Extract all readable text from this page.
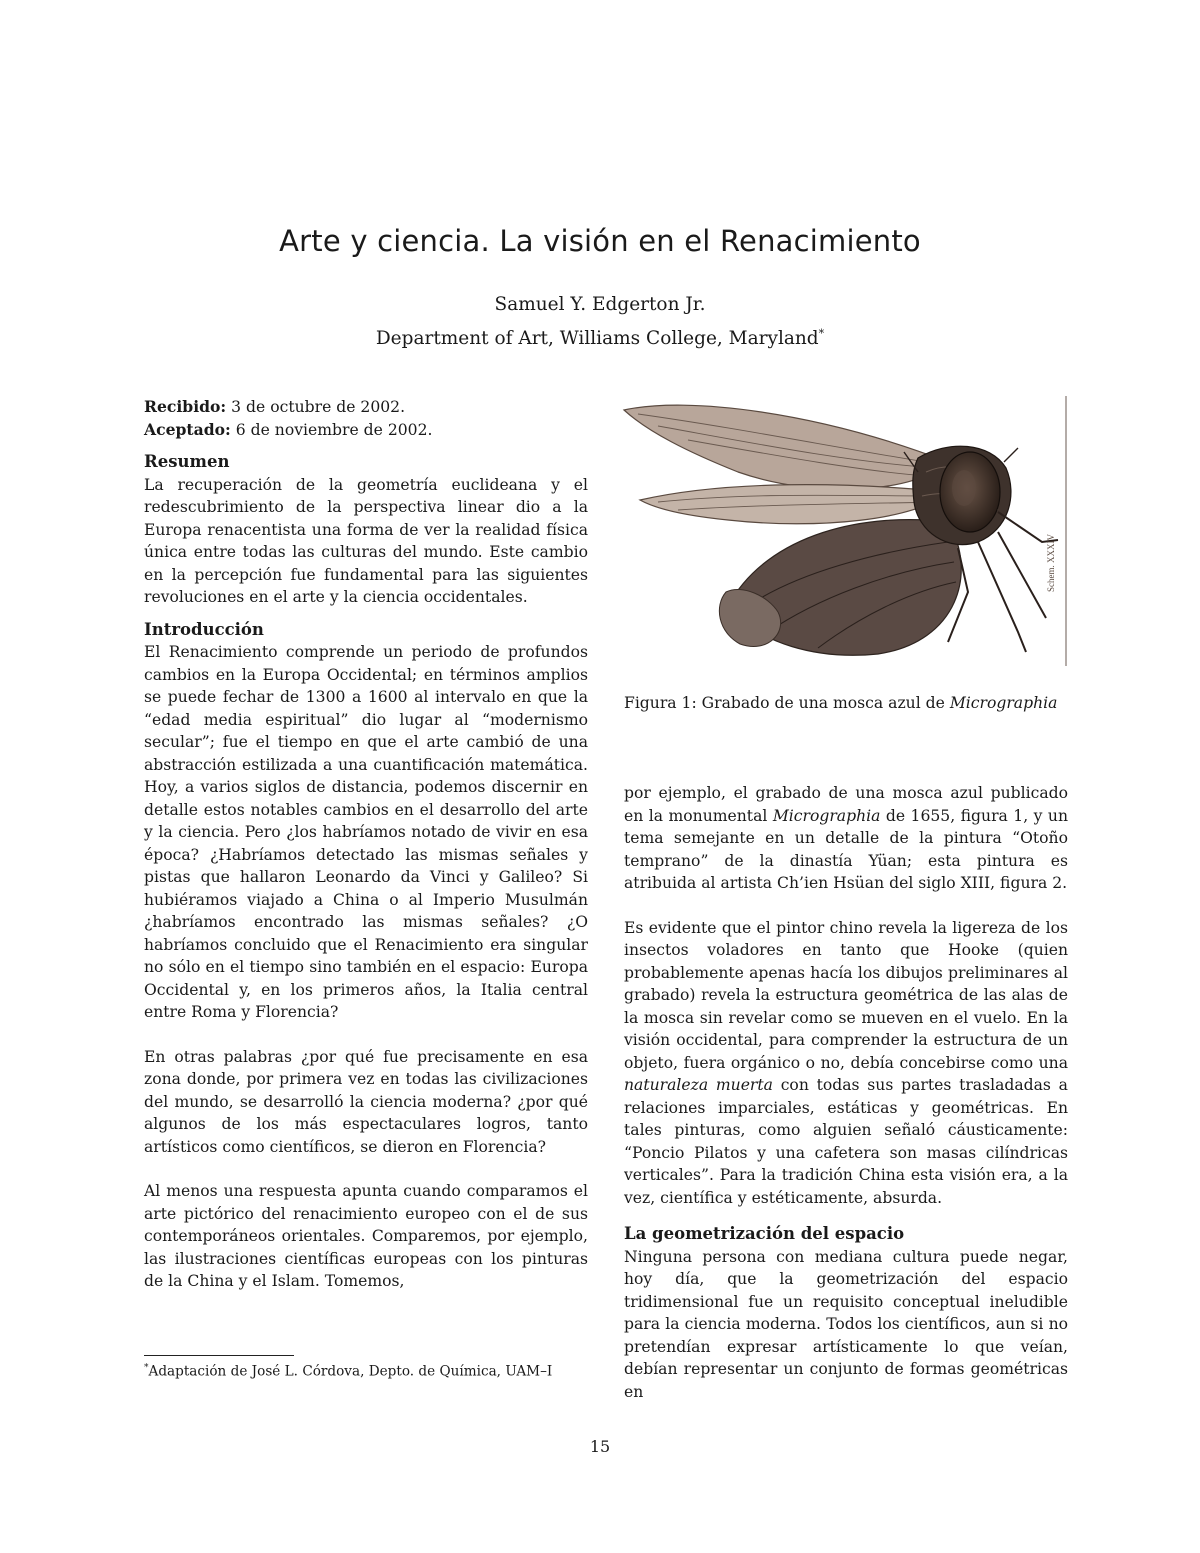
Arte y ciencia. La visión en el Renacimiento
Samuel Y. Edgerton Jr.
Department of Art, Williams College, Maryland*
Recibido: 3 de octubre de 2002.
Aceptado: 6 de noviembre de 2002.
Resumen

La recuperación de la geometría euclideana y el redescubrimiento de la perspectiva linear dio a la Europa renacentista una forma de ver la realidad física única entre todas las culturas del mundo. Este cambio en la percepción fue fundamental para las siguientes revoluciones en el arte y la ciencia occidentales.

Introducción

El Renacimiento comprende un periodo de profundos cambios en la Europa Occidental; en términos amplios se puede fechar de 1300 a 1600 al intervalo en que la “edad media espiritual” dio lugar al “modernismo secular”; fue el tiempo en que el arte cambió de una abstracción estilizada a una cuantificación matemática. Hoy, a varios siglos de distancia, podemos discernir en detalle estos notables cambios en el desarrollo del arte y la ciencia. Pero ¿los habríamos notado de vivir en esa época? ¿Habríamos detectado las mismas señales y pistas que hallaron Leonardo da Vinci y Galileo? Si hubiéramos viajado a China o al Imperio Musulmán ¿habríamos encontrado las mismas señales? ¿O habríamos concluido que el Renacimiento era singular no sólo en el tiempo sino también en el espacio: Europa Occidental y, en los primeros años, la Italia central entre Roma y Florencia?

En otras palabras ¿por qué fue precisamente en esa zona donde, por primera vez en todas las civilizaciones del mundo, se desarrolló la ciencia moderna? ¿por qué algunos de los más espectaculares logros, tanto artísticos como científicos, se dieron en Florencia?

Al menos una respuesta apunta cuando comparamos el arte pictórico del renacimiento europeo con el de sus contemporáneos orientales. Comparemos, por ejemplo, las ilustraciones científicas europeas con los pinturas de la China y el Islam. Tomemos,

Schem. XXXIV
Figura 1: Grabado de una mosca azul de Micrographia

por ejemplo, el grabado de una mosca azul publicado en la monumental Micrographia de 1655, figura 1, y un tema semejante en un detalle de la pintura “Otoño temprano” de la dinastía Yüan; esta pintura es atribuida al artista Ch’ien Hsüan del siglo XIII, figura 2.

Es evidente que el pintor chino revela la ligereza de los insectos voladores en tanto que Hooke (quien probablemente apenas hacía los dibujos preliminares al grabado) revela la estructura geométrica de las alas de la mosca sin revelar como se mueven en el vuelo. En la visión occidental, para comprender la estructura de un objeto, fuera orgánico o no, debía concebirse como una naturaleza muerta con todas sus partes trasladadas a relaciones imparciales, estáticas y geométricas. En tales pinturas, como alguien señaló cáusticamente: “Poncio Pilatos y una cafetera son masas cilíndricas verticales”. Para la tradición China esta visión era, a la vez, científica y estéticamente, absurda.

La geometrización del espacio

Ninguna persona con mediana cultura puede negar, hoy día, que la geometrización del espacio tridimensional fue un requisito conceptual ineludible para la ciencia moderna. Todos los científicos, aun si no pretendían expresar artísticamente lo que veían, debían representar un conjunto de formas geométricas en

*Adaptación de José L. Córdova, Depto. de Química, UAM–I
15
